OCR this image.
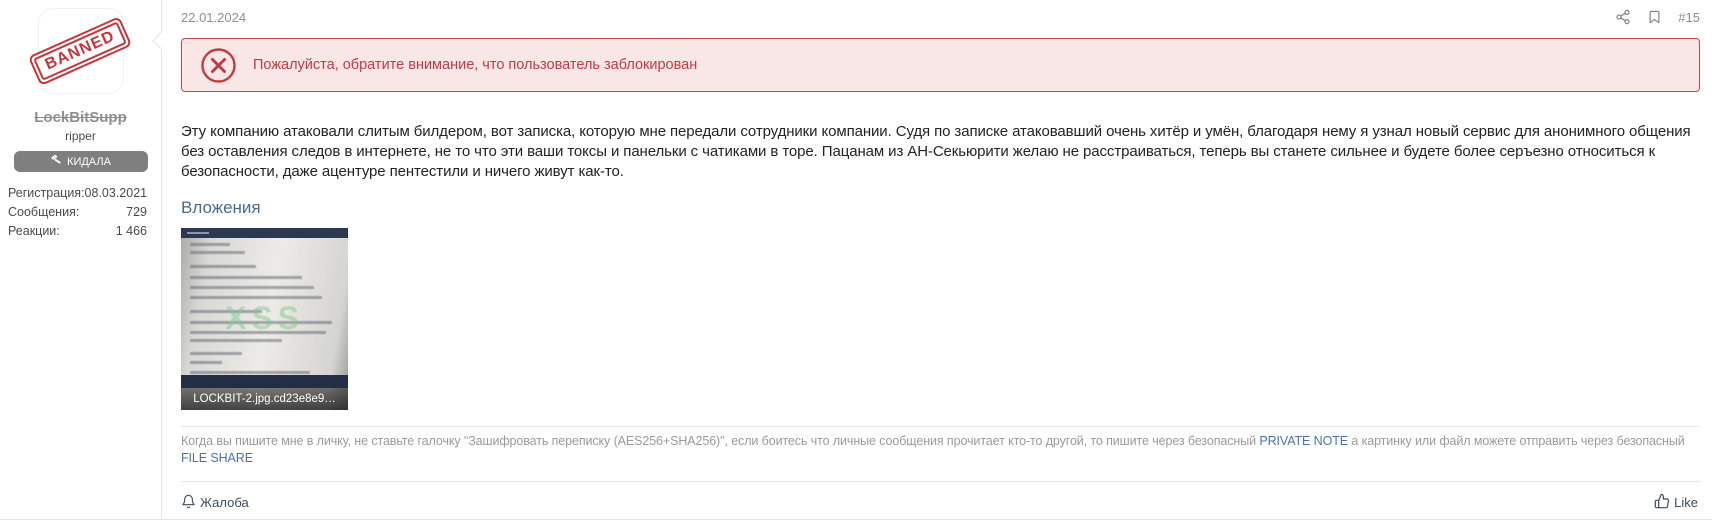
BANNED
LockBitSupp
ripper
КИДАЛА
Регистрация: 08.03.2021
Сообщения:	729
Реакции:	1 466
22.01.2024	#15
Пожалуйста, обратите внимание, что пользователь заблокирован
Эту компанию атаковали слитым билдером, вот записка, которую мне передали сотрудники компании. Судя по записке атаковавший очень хитёр и умён, благодаря нему я узнал новый сервис для анонимного общения без оставления следов в интернете, не то что эти ваши токсы и панельки с чатиками в торе. Пацанам из АН-Секьюрити желаю не расстраиваться, теперь вы станете сильнее и будете более серъезно относиться к безопасности, даже ацентуре пентестили и ничего живут как-то.
Вложения
XSS
LOCKBIT-2.jpg.cd23e8e9…
Когда вы пишите мне в личку, не ставьте галочку "Зашифровать переписку (AES256+SHA256)", если боитесь что личные сообщения прочитает кто-то другой, то пишите через безопасный PRIVATE NOTE а картинку или файл можете отправить через безопасный FILE SHARE
Жалоба	Like
